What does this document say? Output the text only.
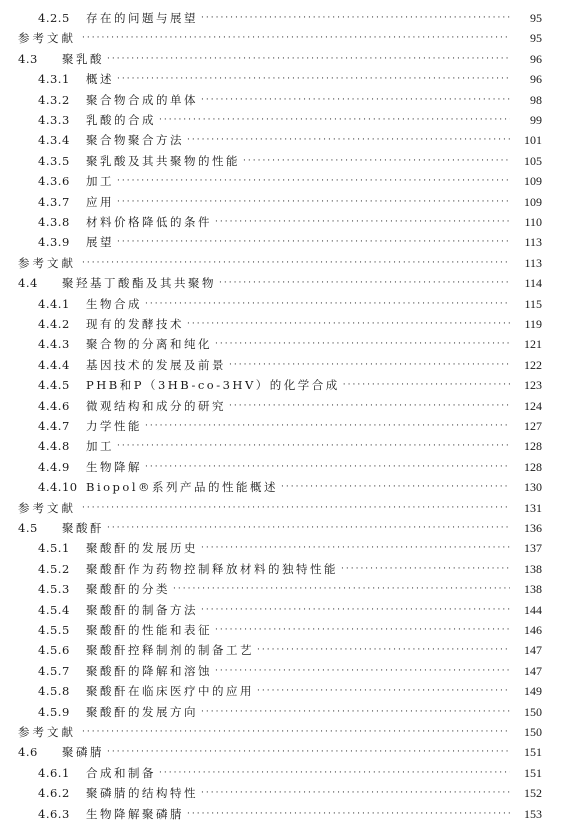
4.2.5	存在的问题与展望 ·····	95
参考文献 ·····	95
4.3	聚乳酸 ·····	96
4.3.1	概述 ·····	96
4.3.2	聚合物合成的单体 ·····	98
4.3.3	乳酸的合成 ·····	99
4.3.4	聚合物聚合方法 ·····	101
4.3.5	聚乳酸及其共聚物的性能 ·····	105
4.3.6	加工 ·····	109
4.3.7	应用 ·····	109
4.3.8	材料价格降低的条件 ·····	110
4.3.9	展望 ·····	113
参考文献 ·····	113
4.4	聚羟基丁酸酯及其共聚物 ·····	114
4.4.1	生物合成 ·····	115
4.4.2	现有的发酵技术 ·····	119
4.4.3	聚合物的分离和纯化 ·····	121
4.4.4	基因技术的发展及前景 ·····	122
4.4.5	PHB和P（3HB-co-3HV）的化学合成 ·····	123
4.4.6	微观结构和成分的研究 ·····	124
4.4.7	力学性能 ·····	127
4.4.8	加工 ·····	128
4.4.9	生物降解 ·····	128
4.4.10 Biopol®系列产品的性能概述 ·····	130
参考文献 ·····	131
4.5	聚酸酐 ·····	136
4.5.1	聚酸酐的发展历史 ·····	137
4.5.2	聚酸酐作为药物控制释放材料的独特性能 ·····	138
4.5.3	聚酸酐的分类 ·····	138
4.5.4	聚酸酐的制备方法 ·····	144
4.5.5	聚酸酐的性能和表征 ·····	146
4.5.6	聚酸酐控释制剂的制备工艺 ·····	147
4.5.7	聚酸酐的降解和溶蚀 ·····	147
4.5.8	聚酸酐在临床医疗中的应用 ·····	149
4.5.9	聚酸酐的发展方向 ·····	150
参考文献 ·····	150
4.6	聚磷腈 ·····	151
4.6.1	合成和制备 ·····	151
4.6.2	聚磷腈的结构特性 ·····	152
4.6.3	生物降解聚磷腈 ·····	153
